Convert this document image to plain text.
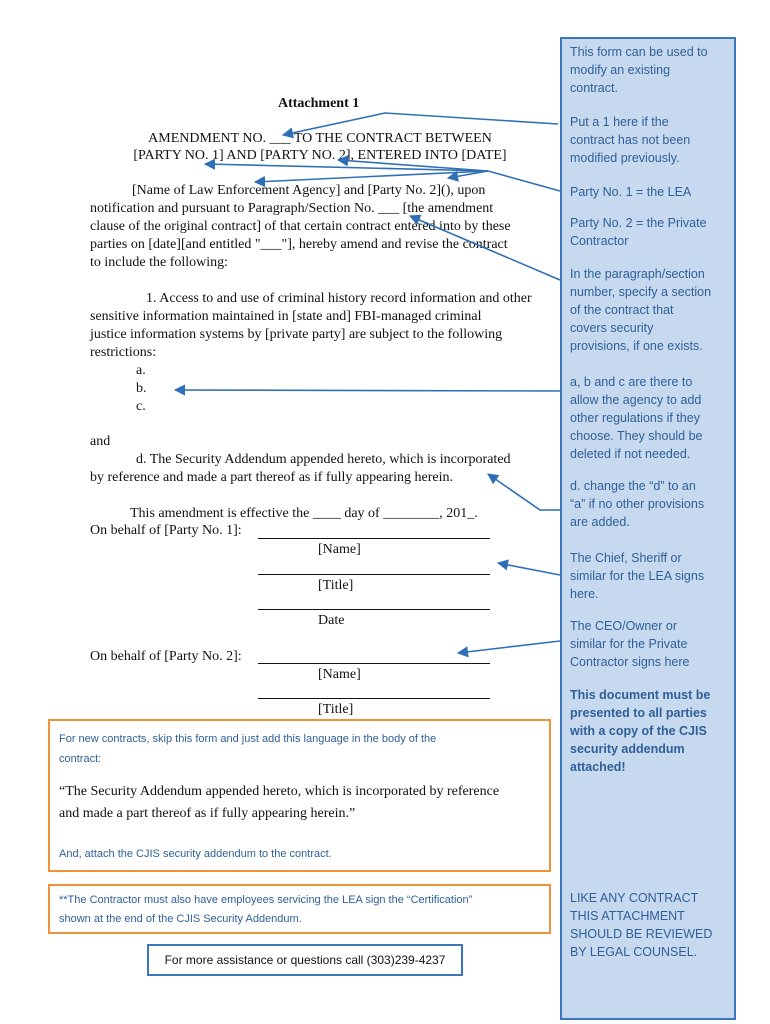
Attachment 1
AMENDMENT NO. ___ TO THE CONTRACT BETWEEN
[PARTY NO. 1] AND [PARTY NO. 2], ENTERED INTO [DATE]
[Name of Law Enforcement Agency] and [Party No. 2](), upon
notification and pursuant to Paragraph/Section No. ___ [the amendment
clause of the original contract] of that certain contract entered into by these
parties on [date][and entitled "___"], hereby amend and revise the contract
to include the following:
1. Access to and use of criminal history record information and other
sensitive information maintained in [state and] FBI-managed criminal
justice information systems by [private party] are subject to the following
restrictions:
a.
b.
c.
and
d. The Security Addendum appended hereto, which is incorporated
by reference and made a part thereof as if fully appearing herein.
This amendment is effective the ____ day of ________, 201_.
On behalf of [Party No. 1]:
[Name]
[Title]
Date
On behalf of [Party No. 2]:
[Name]
[Title]
For new contracts, skip this form and just add this language in the body of the
contract:
“The Security Addendum appended hereto, which is incorporated by reference
and made a part thereof as if fully appearing herein.”
And, attach the CJIS security addendum to the contract.
**The Contractor must also have employees servicing the LEA sign the “Certification”
shown at the end of the CJIS Security Addendum.
For more assistance or questions call (303)239-4237
This form can be used to
modify an existing
contract.
Put a 1 here if the
contract has not been
modified previously.
Party No. 1 = the LEA
Party No. 2 = the Private
Contractor
In the paragraph/section
number, specify a section
of the contract that
covers security
provisions, if one exists.
a, b and c are there to
allow the agency to add
other regulations if they
choose. They should be
deleted if not needed.
d. change the “d” to an
“a” if no other provisions
are added.
The Chief, Sheriff or
similar for the LEA signs
here.
The CEO/Owner or
similar for the Private
Contractor signs here
This document must be
presented to all parties
with a copy of the CJIS
security addendum
attached!
LIKE ANY CONTRACT
THIS ATTACHMENT
SHOULD BE REVIEWED
BY LEGAL COUNSEL.
